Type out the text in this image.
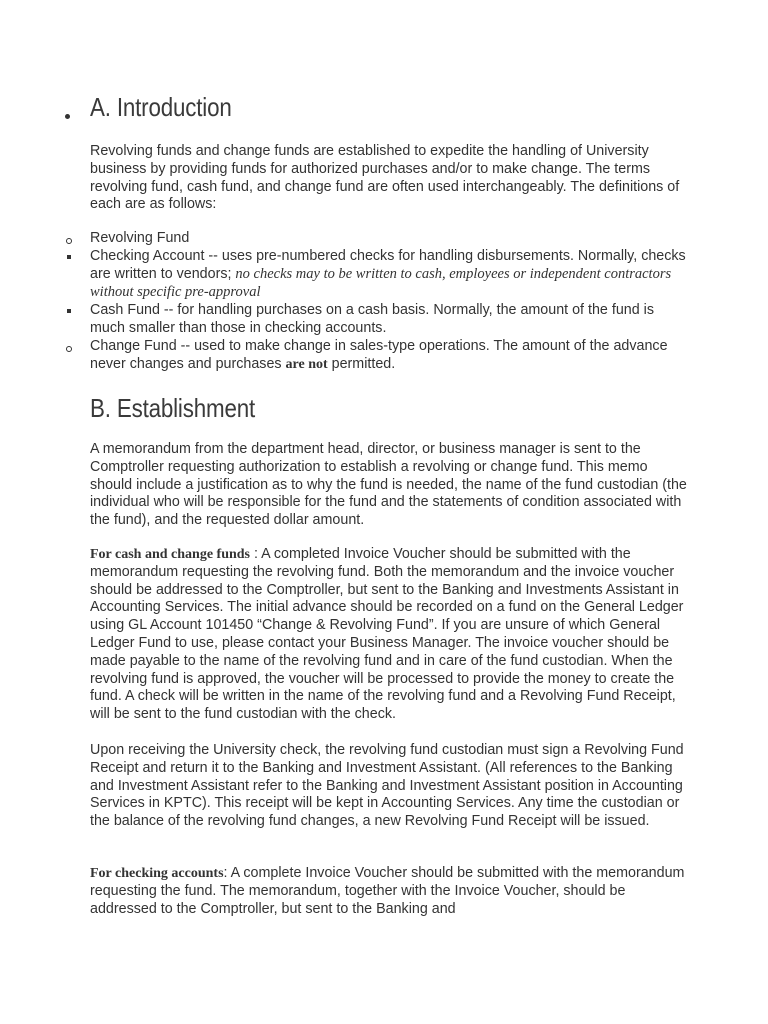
A. Introduction

Revolving funds and change funds are established to expedite the handling of University business by providing funds for authorized purchases and/or to make change. The terms revolving fund, cash fund, and change fund are often used interchangeably. The definitions of each are as follows:

Revolving Fund

Checking Account -- uses pre-numbered checks for handling disbursements. Normally, checks are written to vendors; no checks may to be written to cash, employees or independent contractors without specific pre-approval

Cash Fund -- for handling purchases on a cash basis. Normally, the amount of the fund is much smaller than those in checking accounts.

Change Fund -- used to make change in sales-type operations. The amount of the advance never changes and purchases are not permitted.

B. Establishment

A memorandum from the department head, director, or business manager is sent to the Comptroller requesting authorization to establish a revolving or change fund. This memo should include a justification as to why the fund is needed, the name of the fund custodian (the individual who will be responsible for the fund and the statements of condition associated with the fund), and the requested dollar amount.

For cash and change funds : A completed Invoice Voucher should be submitted with the memorandum requesting the revolving fund. Both the memorandum and the invoice voucher should be addressed to the Comptroller, but sent to the Banking and Investments Assistant in Accounting Services. The initial advance should be recorded on a fund on the General Ledger using GL Account 101450 “Change & Revolving Fund”. If you are unsure of which General Ledger Fund to use, please contact your Business Manager. The invoice voucher should be made payable to the name of the revolving fund and in care of the fund custodian. When the revolving fund is approved, the voucher will be processed to provide the money to create the fund. A check will be written in the name of the revolving fund and a Revolving Fund Receipt, will be sent to the fund custodian with the check.

Upon receiving the University check, the revolving fund custodian must sign a Revolving Fund Receipt and return it to the Banking and Investment Assistant. (All references to the Banking and Investment Assistant refer to the Banking and Investment Assistant position in Accounting Services in KPTC). This receipt will be kept in Accounting Services. Any time the custodian or the balance of the revolving fund changes, a new Revolving Fund Receipt will be issued.

For checking accounts: A complete Invoice Voucher should be submitted with the memorandum requesting the fund. The memorandum, together with the Invoice Voucher, should be addressed to the Comptroller, but sent to the Banking and
